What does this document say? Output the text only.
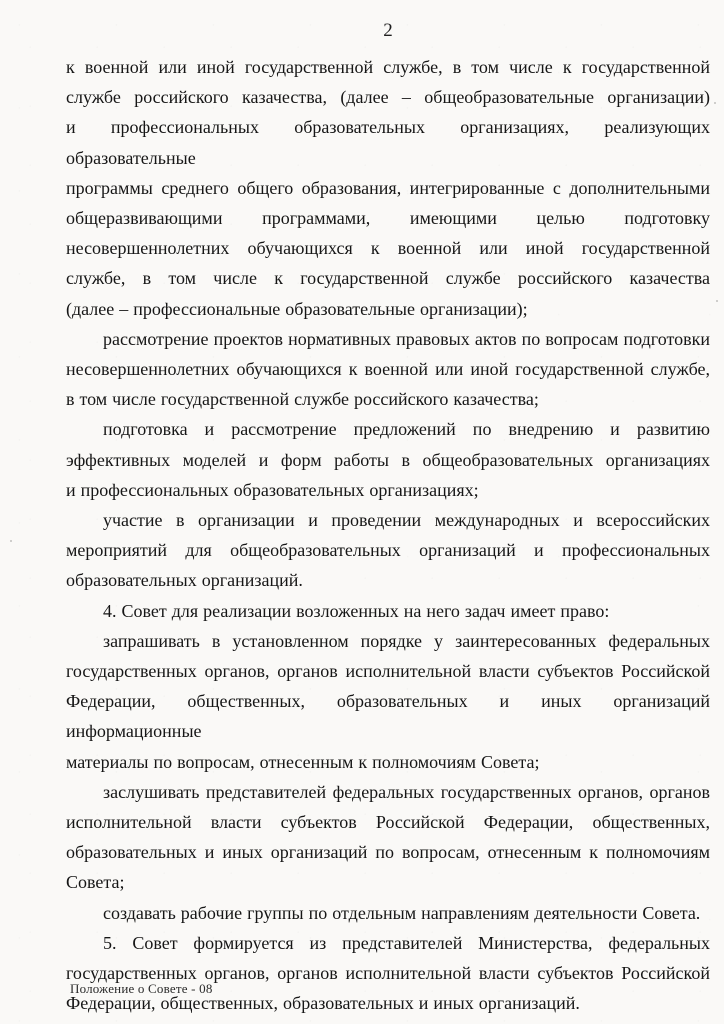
2
к военной или иной государственной службе, в том числе к государственной
службе российского казачества, (далее – общеобразовательные организации)
и профессиональных образовательных организациях, реализующих образовательные
программы среднего общего образования, интегрированные с дополнительными
общеразвивающими программами, имеющими целью подготовку
несовершеннолетних обучающихся к военной или иной государственной
службе, в том числе к государственной службе российского казачества
(далее – профессиональные образовательные организации);
рассмотрение проектов нормативных правовых актов по вопросам подготовки
несовершеннолетних обучающихся к военной или иной государственной службе,
в том числе государственной службе российского казачества;
подготовка и рассмотрение предложений по внедрению и развитию
эффективных моделей и форм работы в общеобразовательных организациях
и профессиональных образовательных организациях;
участие в организации и проведении международных и всероссийских
мероприятий для общеобразовательных организаций и профессиональных
образовательных организаций.
4. Совет для реализации возложенных на него задач имеет право:
запрашивать в установленном порядке у заинтересованных федеральных
государственных органов, органов исполнительной власти субъектов Российской
Федерации, общественных, образовательных и иных организаций информационные
материалы по вопросам, отнесенным к полномочиям Совета;
заслушивать представителей федеральных государственных органов, органов
исполнительной власти субъектов Российской Федерации, общественных,
образовательных и иных организаций по вопросам, отнесенным к полномочиям
Совета;
создавать рабочие группы по отдельным направлениям деятельности Совета.
5. Совет формируется из представителей Министерства, федеральных
государственных органов, органов исполнительной власти субъектов Российской
Федерации, общественных, образовательных и иных организаций.
Положение о Совете - 08
